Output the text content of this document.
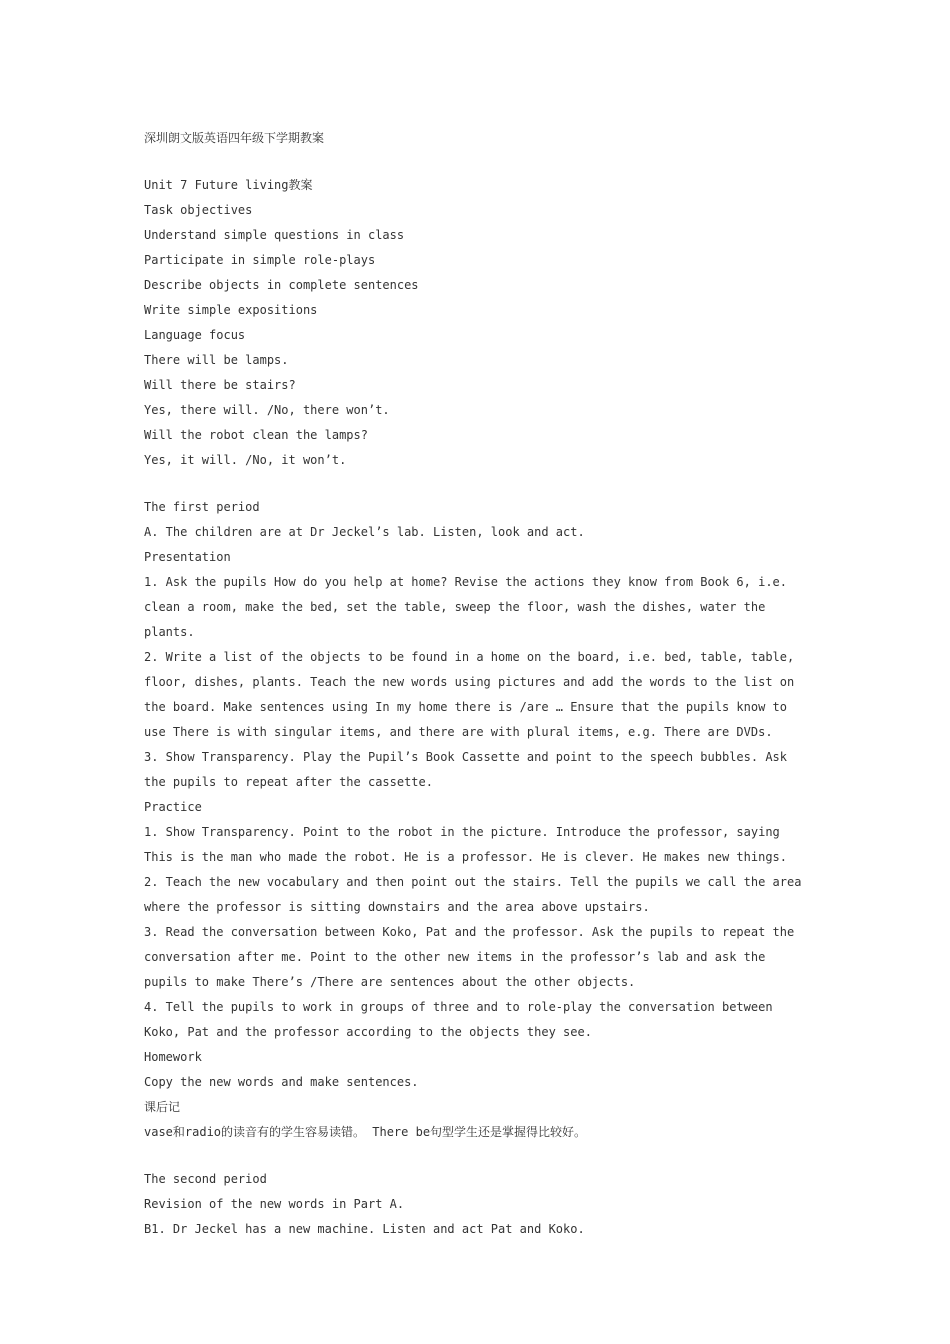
深圳朗文版英语四年级下学期教案
Unit 7 Future living教案
Task objectives
Understand simple questions in class
Participate in simple role-plays
Describe objects in complete sentences
Write simple expositions
Language focus
There will be lamps.
Will there be stairs?
Yes, there will. /No, there won’t.
Will the robot clean the lamps?
Yes, it will. /No, it won’t.
The first period
A. The children are at Dr Jeckel’s lab. Listen, look and act.
Presentation
1. Ask the pupils How do you help at home? Revise the actions they know from Book 6, i.e. clean a room, make the bed, set the table, sweep the floor, wash the dishes, water the plants.
2. Write a list of the objects to be found in a home on the board, i.e. bed, table, table, floor, dishes, plants. Teach the new words using pictures and add the words to the list on the board. Make sentences using In my home there is /are … Ensure that the pupils know to use There is with singular items, and there are with plural items, e.g. There are DVDs.
3. Show Transparency. Play the Pupil’s Book Cassette and point to the speech bubbles. Ask the pupils to repeat after the cassette.
Practice
1. Show Transparency. Point to the robot in the picture. Introduce the professor, saying This is the man who made the robot. He is a professor. He is clever. He makes new things.
2. Teach the new vocabulary and then point out the stairs. Tell the pupils we call the area where the professor is sitting downstairs and the area above upstairs.
3. Read the conversation between Koko, Pat and the professor. Ask the pupils to repeat the conversation after me. Point to the other new items in the professor’s lab and ask the pupils to make There’s /There are sentences about the other objects.
4. Tell the pupils to work in groups of three and to role-play the conversation between Koko, Pat and the professor according to the objects they see.
Homework
Copy the new words and make sentences.
课后记
vase和radio的读音有的学生容易读错。 There be句型学生还是掌握得比较好。
The second period
Revision of the new words in Part A.
B1. Dr Jeckel has a new machine. Listen and act Pat and Koko.
